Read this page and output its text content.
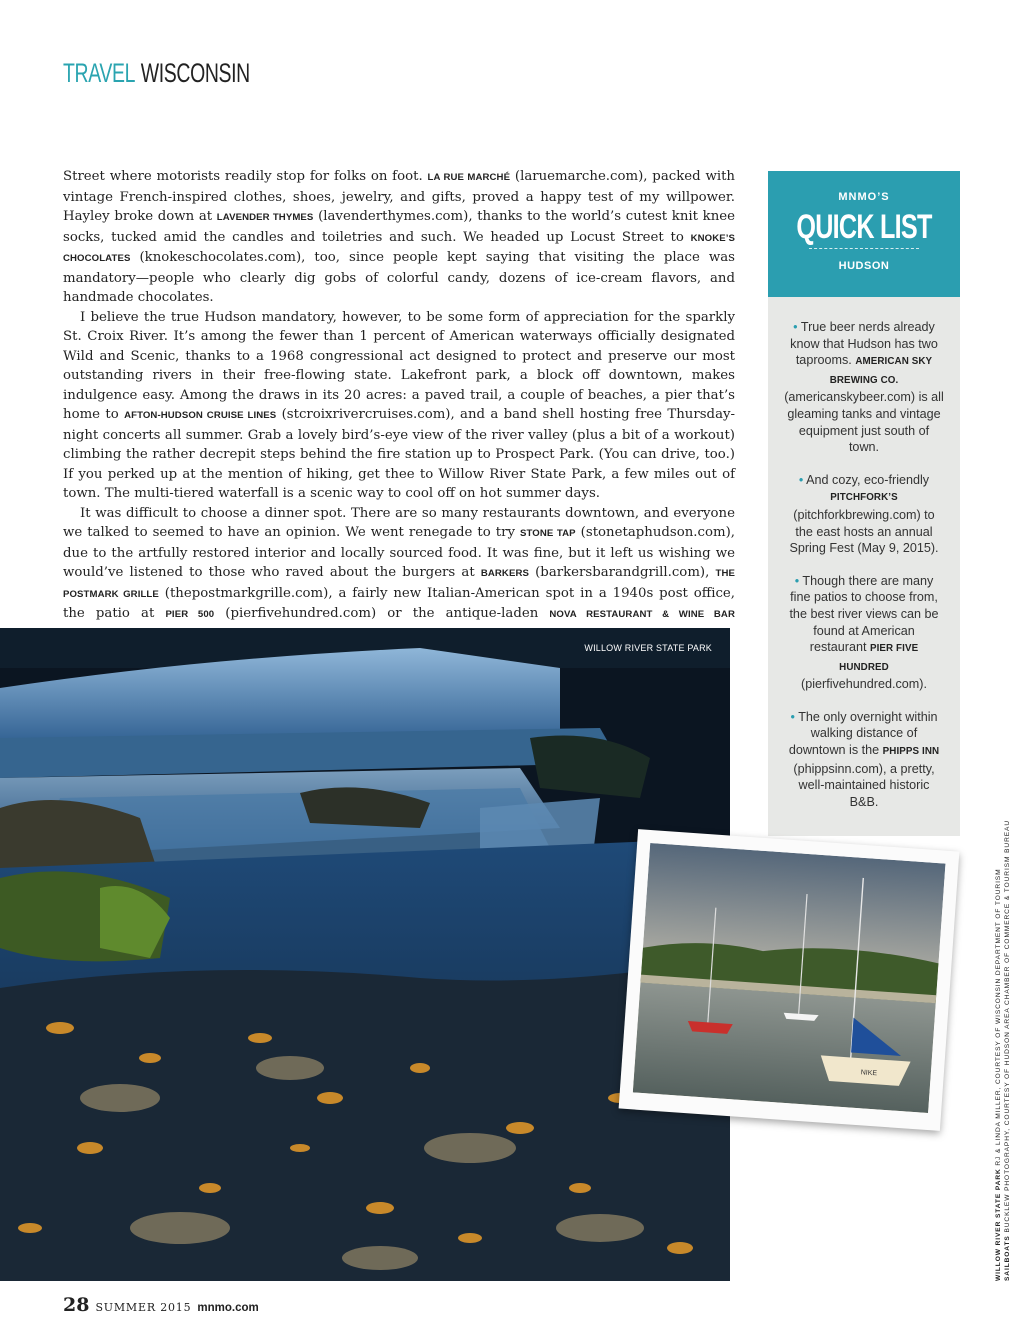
TRAVEL WISCONSIN

Street where motorists readily stop for folks on foot. LA RUE MARCHÉ (laruemarche.com), packed with vintage French-inspired clothes, shoes, jewelry, and gifts, proved a happy test of my willpower. Hayley broke down at LAVENDER THYMES (lavenderthymes.com), thanks to the world’s cutest knit knee socks, tucked amid the candles and toiletries and such. We headed up Locust Street to KNOKE’S CHOCOLATES (knokeschocolates.com), too, since people kept saying that visiting the place was mandatory—people who clearly dig gobs of colorful candy, dozens of ice-cream flavors, and handmade chocolates.

I believe the true Hudson mandatory, however, to be some form of appreciation for the sparkly St. Croix River. It’s among the fewer than 1 percent of American waterways officially designated Wild and Scenic, thanks to a 1968 congressional act designed to protect and preserve our most outstanding rivers in their free-flowing state. Lakefront park, a block off downtown, makes indulgence easy. Among the draws in its 20 acres: a paved trail, a couple of beaches, a pier that’s home to AFTON-HUDSON CRUISE LINES (stcroixrivercruises.com), and a band shell hosting free Thursday-night concerts all summer. Grab a lovely bird’s-eye view of the river valley (plus a bit of a workout) climbing the rather decrepit steps behind the fire station up to Prospect Park. (You can drive, too.) If you perked up at the mention of hiking, get thee to Willow River State Park, a few miles out of town. The multi-tiered waterfall is a scenic way to cool off on hot summer days.

It was difficult to choose a dinner spot. There are so many restaurants downtown, and everyone we talked to seemed to have an opinion. We went renegade to try STONE TAP (stonetaphudson.com), due to the artfully restored interior and locally sourced food. It was fine, but it left us wishing we would’ve listened to those who raved about the burgers at BARKERS (barkersbarandgrill.com), THE POSTMARK GRILLE (thepostmarkgrille.com), a fairly new Italian-American spot in a 1940s post office, the patio at PIER 500 (pierfivehundred.com) or the antique-laden NOVA RESTAURANT & WINE BAR

MNMO’S
QUICK LIST
HUDSON
• True beer nerds already know that Hudson has two taprooms. AMERICAN SKY BREWING CO. (americanskybeer.com) is all gleaming tanks and vintage equipment just south of town.
• And cozy, eco-friendly PITCHFORK’S (pitchforkbrewing.com) to the east hosts an annual Spring Fest (May 9, 2015).
• Though there are many fine patios to choose from, the best river views can be found at American restaurant PIER FIVE HUNDRED (pierfivehundred.com).
• The only overnight within walking distance of downtown is the PHIPPS INN (phippsinn.com), a pretty, well-maintained historic B&B.
WILLOW RIVER STATE PARK
NIKE
WILLOW RIVER STATE PARK RJ & LINDA MILLER, COURTESY OF WISCONSIN DEPARTMENT OF TOURISM
SAILBOATS BUCKLEW PHOTOGRAPHY, COURTESY OF HUDSON AREA CHAMBER OF COMMERCE & TOURISM BUREAU
28 SUMMER 2015 mnmo.com
